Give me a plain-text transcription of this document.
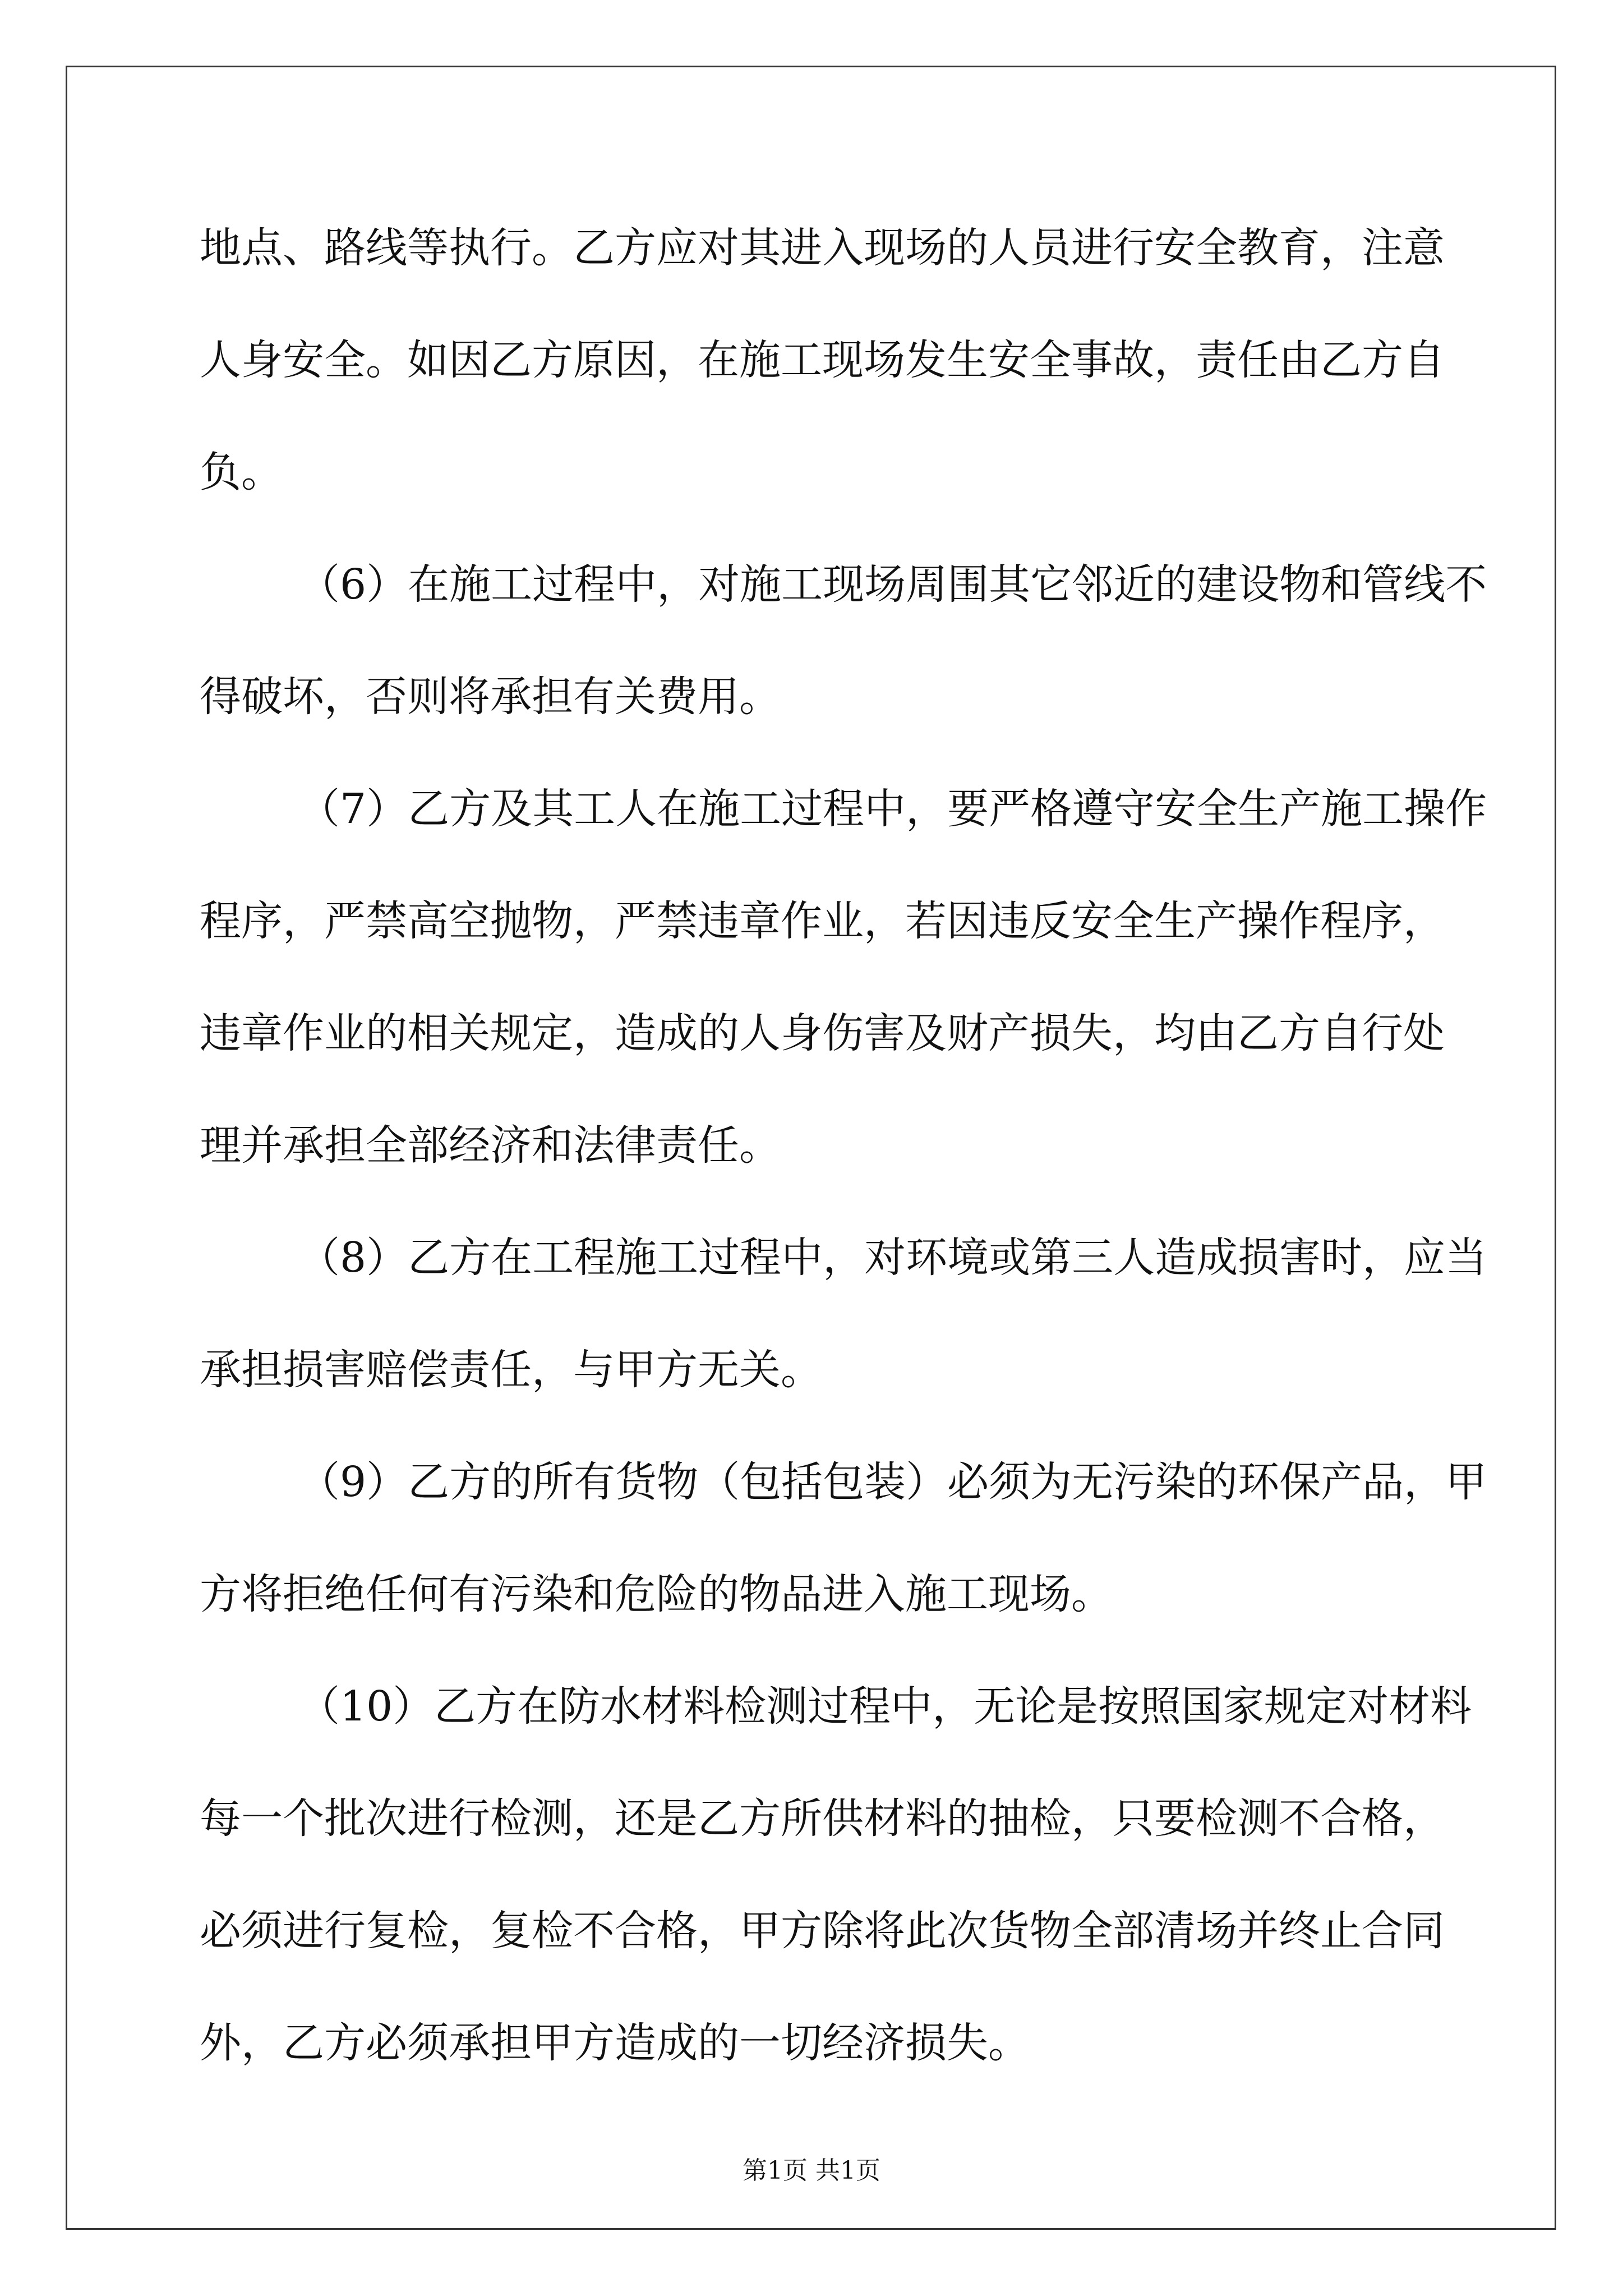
地点、路线等执行。乙方应对其进入现场的人员进行安全教育，注意
人身安全。如因乙方原因，在施工现场发生安全事故，责任由乙方自
负。
（6）在施工过程中，对施工现场周围其它邻近的建设物和管线不
得破坏，否则将承担有关费用。
（7）乙方及其工人在施工过程中，要严格遵守安全生产施工操作
程序，严禁高空抛物，严禁违章作业，若因违反安全生产操作程序，
违章作业的相关规定，造成的人身伤害及财产损失，均由乙方自行处
理并承担全部经济和法律责任。
（8）乙方在工程施工过程中，对环境或第三人造成损害时，应当
承担损害赔偿责任，与甲方无关。
（9）乙方的所有货物（包括包装）必须为无污染的环保产品，甲
方将拒绝任何有污染和危险的物品进入施工现场。
（10）乙方在防水材料检测过程中，无论是按照国家规定对材料
每一个批次进行检测，还是乙方所供材料的抽检，只要检测不合格，
必须进行复检，复检不合格，甲方除将此次货物全部清场并终止合同
外，乙方必须承担甲方造成的一切经济损失。
第1页 共1页
